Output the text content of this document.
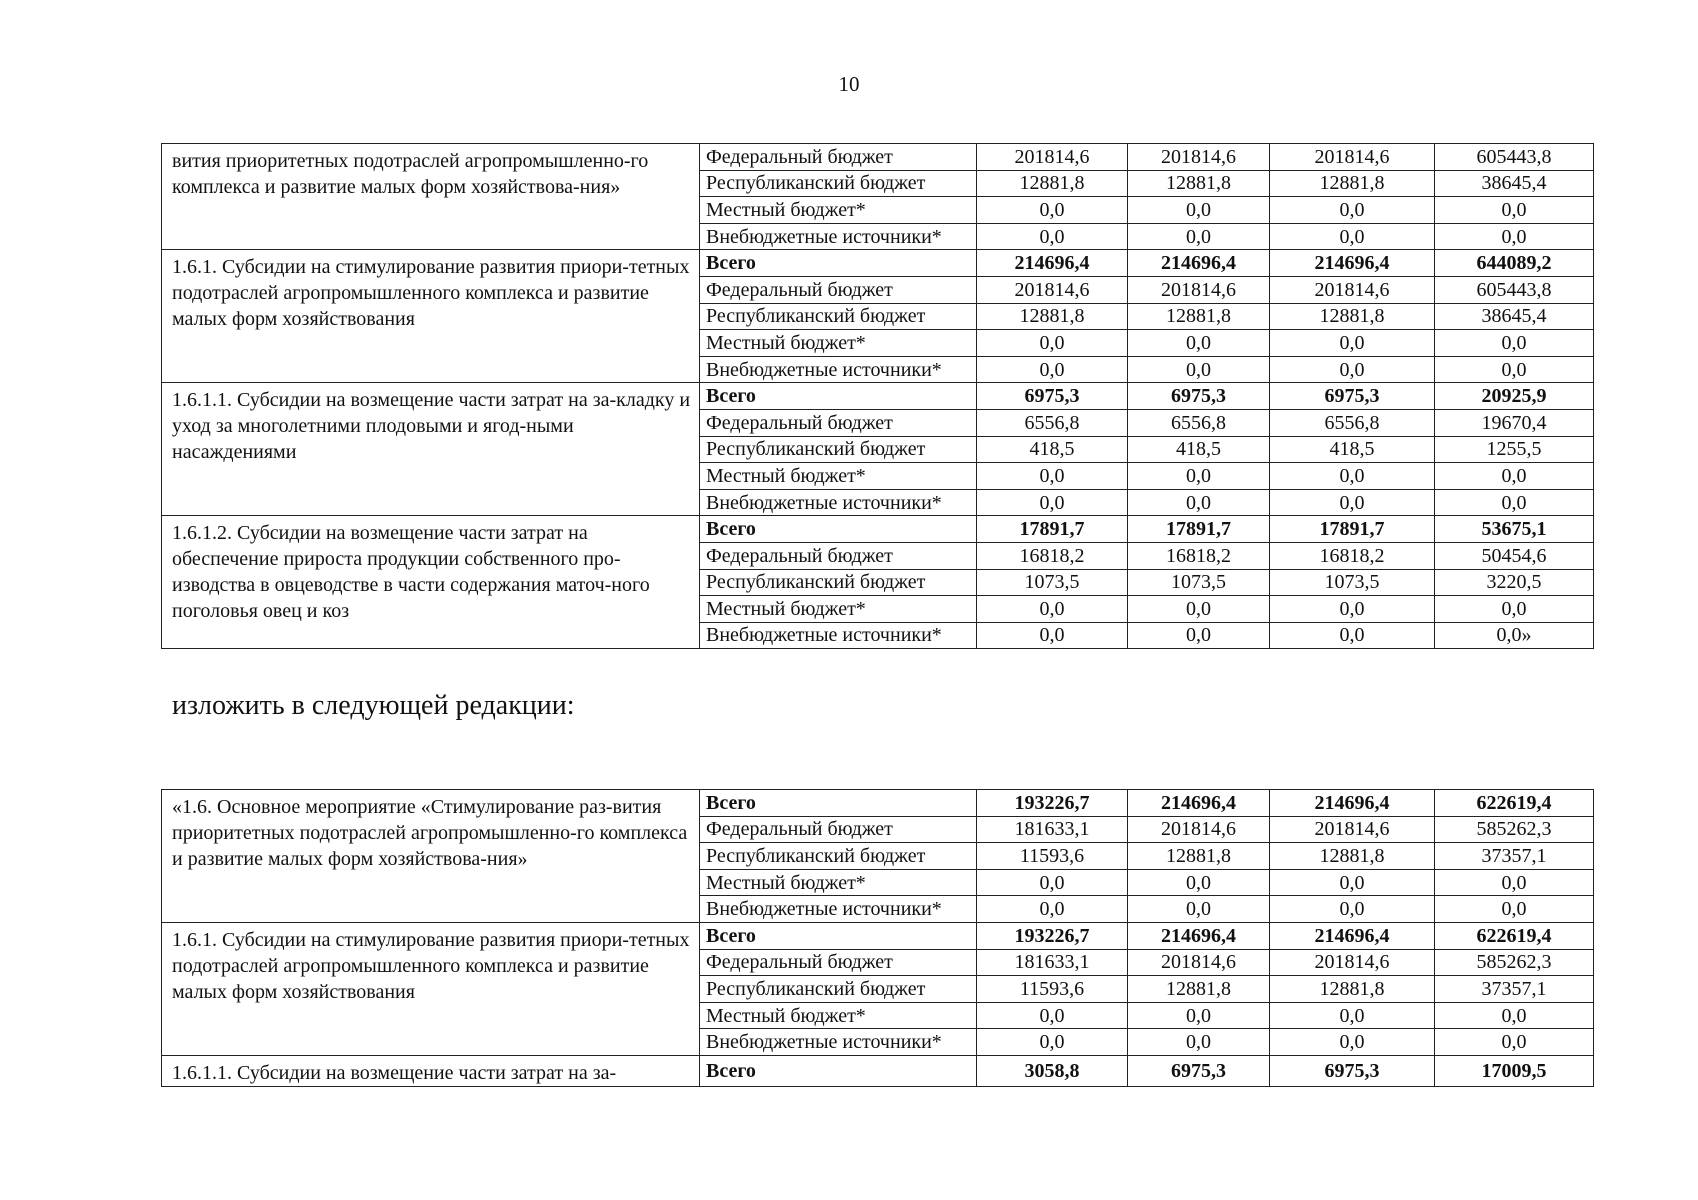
10
вития приоритетных подотраслей агропромышленно-го комплекса и развитие малых форм хозяйствова-ния»	Федеральный бюджет	201814,6	201814,6	201814,6	605443,8
	Республиканский бюджет	12881,8	12881,8	12881,8	38645,4
	Местный бюджет*	0,0	0,0	0,0	0,0
	Внебюджетные источники*	0,0	0,0	0,0	0,0
1.6.1. Субсидии на стимулирование развития приори-тетных подотраслей агропромышленного комплекса и развитие малых форм хозяйствования	Всего	214696,4	214696,4	214696,4	644089,2
	Федеральный бюджет	201814,6	201814,6	201814,6	605443,8
	Республиканский бюджет	12881,8	12881,8	12881,8	38645,4
	Местный бюджет*	0,0	0,0	0,0	0,0
	Внебюджетные источники*	0,0	0,0	0,0	0,0
1.6.1.1. Субсидии на возмещение части затрат на за-кладку и уход за многолетними плодовыми и ягод-ными насаждениями	Всего	6975,3	6975,3	6975,3	20925,9
	Федеральный бюджет	6556,8	6556,8	6556,8	19670,4
	Республиканский бюджет	418,5	418,5	418,5	1255,5
	Местный бюджет*	0,0	0,0	0,0	0,0
	Внебюджетные источники*	0,0	0,0	0,0	0,0
1.6.1.2. Субсидии на возмещение части затрат на обеспечение прироста продукции собственного про-изводства в овцеводстве в части содержания маточ-ного поголовья овец и коз	Всего	17891,7	17891,7	17891,7	53675,1
	Федеральный бюджет	16818,2	16818,2	16818,2	50454,6
	Республиканский бюджет	1073,5	1073,5	1073,5	3220,5
	Местный бюджет*	0,0	0,0	0,0	0,0
	Внебюджетные источники*	0,0	0,0	0,0	0,0»
изложить в следующей редакции:
«1.6. Основное мероприятие «Стимулирование раз-вития приоритетных подотраслей агропромышленно-го комплекса и развитие малых форм хозяйствова-ния»	Всего	193226,7	214696,4	214696,4	622619,4
	Федеральный бюджет	181633,1	201814,6	201814,6	585262,3
	Республиканский бюджет	11593,6	12881,8	12881,8	37357,1
	Местный бюджет*	0,0	0,0	0,0	0,0
	Внебюджетные источники*	0,0	0,0	0,0	0,0
1.6.1. Субсидии на стимулирование развития приори-тетных подотраслей агропромышленного комплекса и развитие малых форм хозяйствования	Всего	193226,7	214696,4	214696,4	622619,4
	Федеральный бюджет	181633,1	201814,6	201814,6	585262,3
	Республиканский бюджет	11593,6	12881,8	12881,8	37357,1
	Местный бюджет*	0,0	0,0	0,0	0,0
	Внебюджетные источники*	0,0	0,0	0,0	0,0
1.6.1.1. Субсидии на возмещение части затрат на за-	Всего	3058,8	6975,3	6975,3	17009,5
